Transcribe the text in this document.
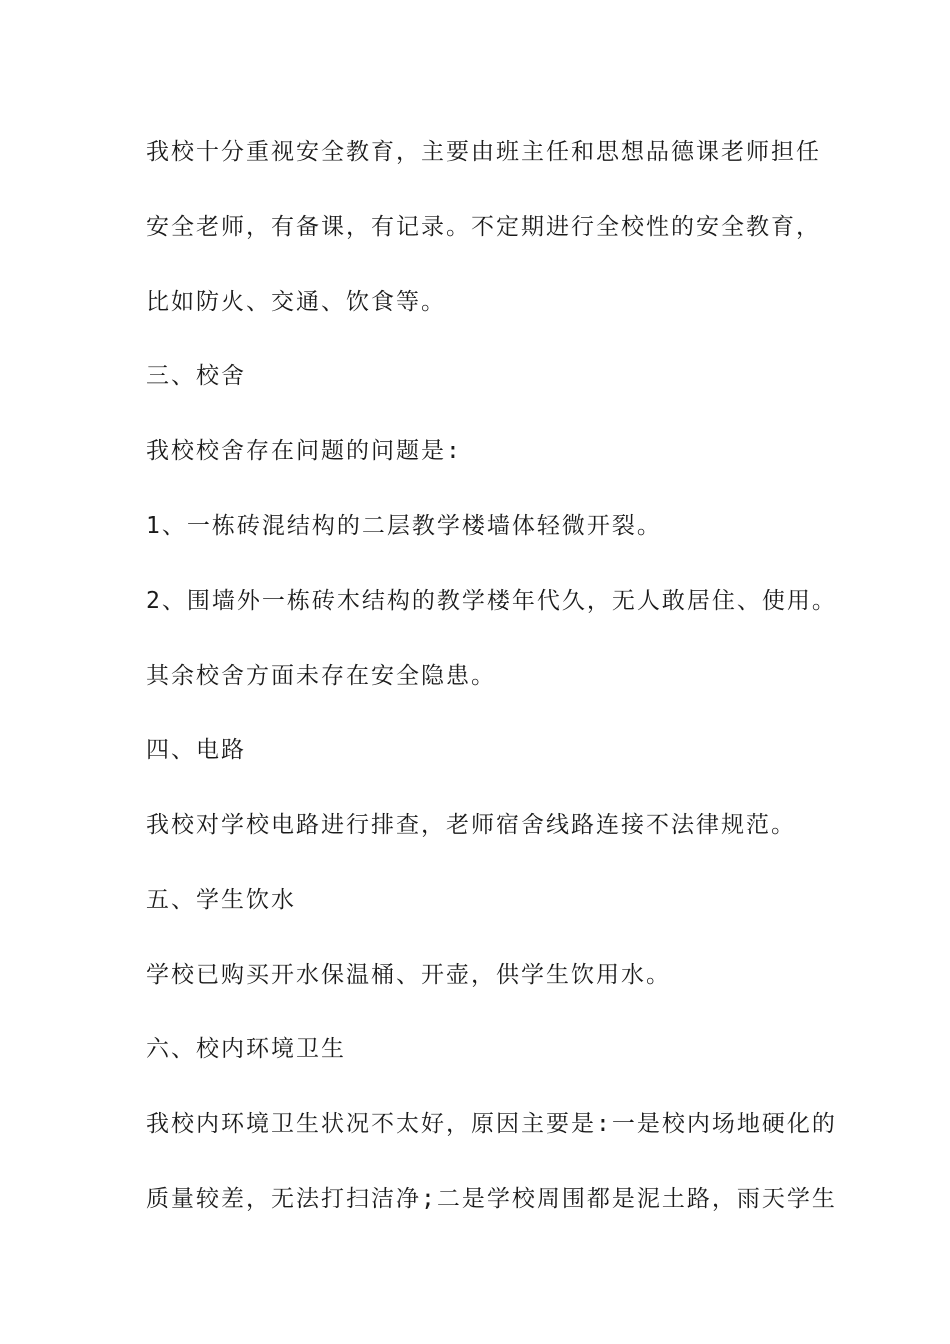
我校十分重视安全教育，主要由班主任和思想品德课老师担任

安全老师，有备课，有记录。不定期进行全校性的安全教育，

比如防火、交通、饮食等。

三、校舍

我校校舍存在问题的问题是:

1、一栋砖混结构的二层教学楼墙体轻微开裂。

2、围墙外一栋砖木结构的教学楼年代久，无人敢居住、使用。

其余校舍方面未存在安全隐患。

四、电路

我校对学校电路进行排查，老师宿舍线路连接不法律规范。

五、学生饮水

学校已购买开水保温桶、开壶，供学生饮用水。

六、校内环境卫生

我校内环境卫生状况不太好，原因主要是:一是校内场地硬化的

质量较差，无法打扫洁净;二是学校周围都是泥土路，雨天学生
